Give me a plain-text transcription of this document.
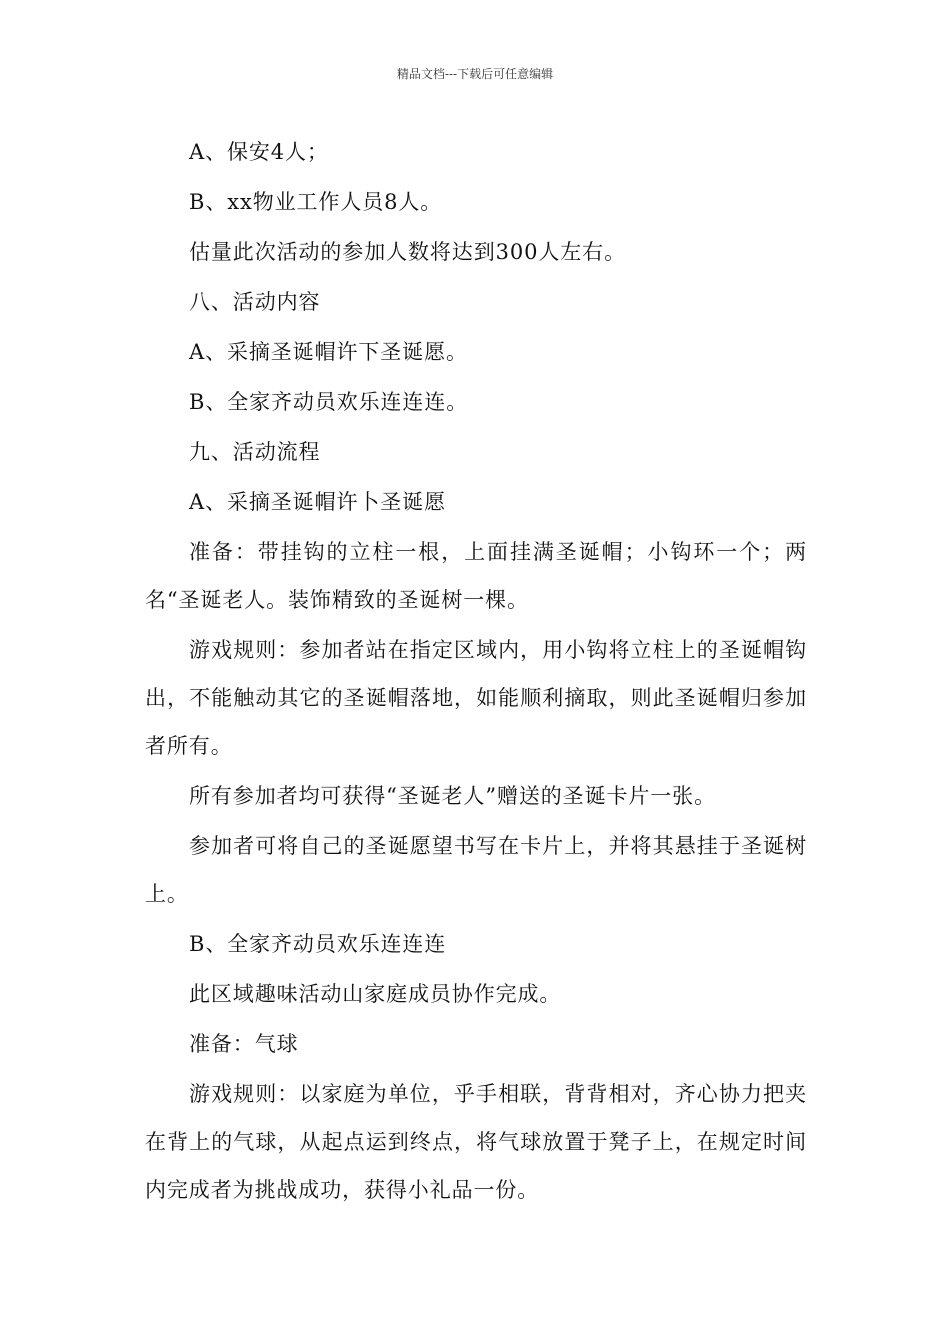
精品文档---下载后可任意编辑

A、保安4人；

B、xx物业工作人员8人。

估量此次活动的参加人数将达到300人左右。

八、活动内容

A、采摘圣诞帽许下圣诞愿。

B、全家齐动员欢乐连连连。

九、活动流程

A、采摘圣诞帽许卜圣诞愿

准备：带挂钩的立柱一根，上面挂满圣诞帽；小钩环一个；两名“圣诞老人。装饰精致的圣诞树一棵。

游戏规则：参加者站在指定区域内，用小钩将立柱上的圣诞帽钩出，不能触动其它的圣诞帽落地，如能顺利摘取，则此圣诞帽归参加者所有。

所有参加者均可获得“圣诞老人”赠送的圣诞卡片一张。

参加者可将自己的圣诞愿望书写在卡片上，并将其悬挂于圣诞树上。

B、全家齐动员欢乐连连连

此区域趣味活动山家庭成员协作完成。

准备：气球

游戏规则：以家庭为单位，乎手相联，背背相对，齐心协力把夹在背上的气球，从起点运到终点，将气球放置于凳子上，在规定时间内完成者为挑战成功，获得小礼品一份。
